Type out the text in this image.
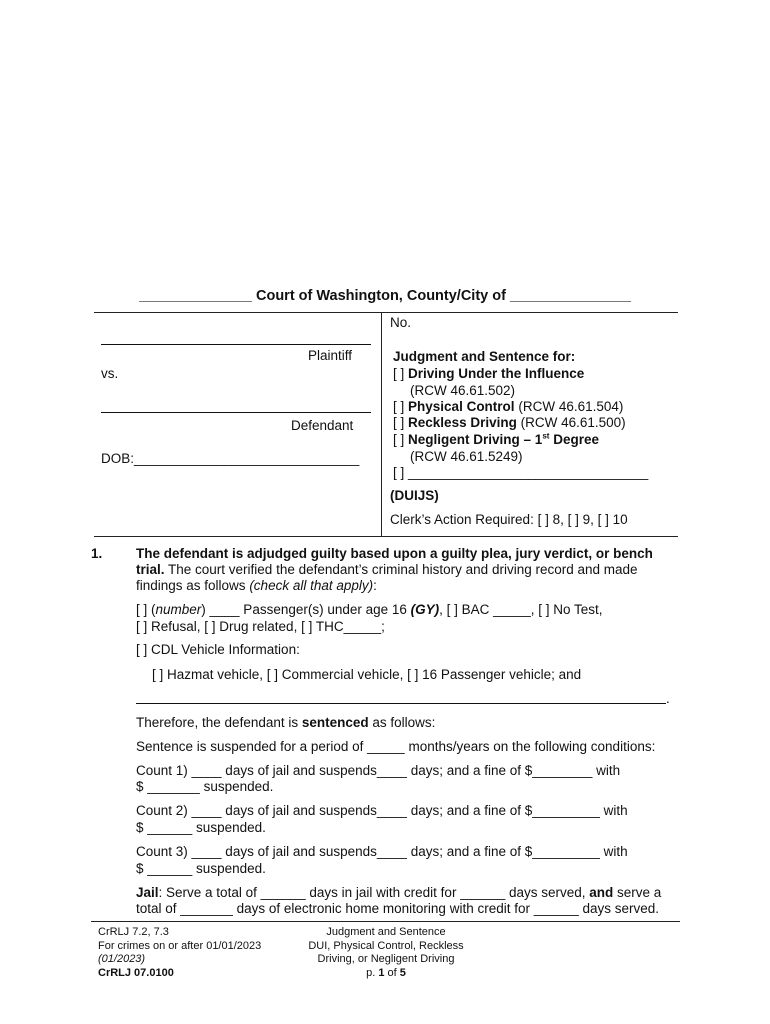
______________ Court of Washington, County/City of _______________
Plaintiff
vs.
Defendant
DOB:______________________________
No.
Judgment and Sentence for:
[ ] Driving Under the Influence
(RCW 46.61.502)
[ ] Physical Control (RCW 46.61.504)
[ ] Reckless Driving (RCW 46.61.500)
[ ] Negligent Driving – 1st Degree
(RCW 46.61.5249)
[ ] ________________________________
(DUIJS)
Clerk’s Action Required: [ ] 8, [ ] 9, [ ] 10
1. The defendant is adjudged guilty based upon a guilty plea, jury verdict, or bench
trial. The court verified the defendant’s criminal history and driving record and made
findings as follows (check all that apply):
[ ] (number) ____ Passenger(s) under age 16 (GY), [ ] BAC _____, [ ] No Test,
[ ] Refusal, [ ] Drug related, [ ] THC_____;
[ ] CDL Vehicle Information:
[ ] Hazmat vehicle, [ ] Commercial vehicle, [ ] 16 Passenger vehicle; and
.
Therefore, the defendant is sentenced as follows:
Sentence is suspended for a period of _____ months/years on the following conditions:
Count 1) ____ days of jail and suspends____ days; and a fine of $________ with
$ _______ suspended.
Count 2) ____ days of jail and suspends____ days; and a fine of $_________ with
$ ______ suspended.
Count 3) ____ days of jail and suspends____ days; and a fine of $_________ with
$ ______ suspended.
Jail: Serve a total of ______ days in jail with credit for ______ days served, and serve a
total of _______ days of electronic home monitoring with credit for ______ days served.
CrRLJ 7.2, 7.3
For crimes on or after 01/01/2023
(01/2023)
CrRLJ 07.0100
Judgment and Sentence
DUI, Physical Control, Reckless
Driving, or Negligent Driving
p. 1 of 5
